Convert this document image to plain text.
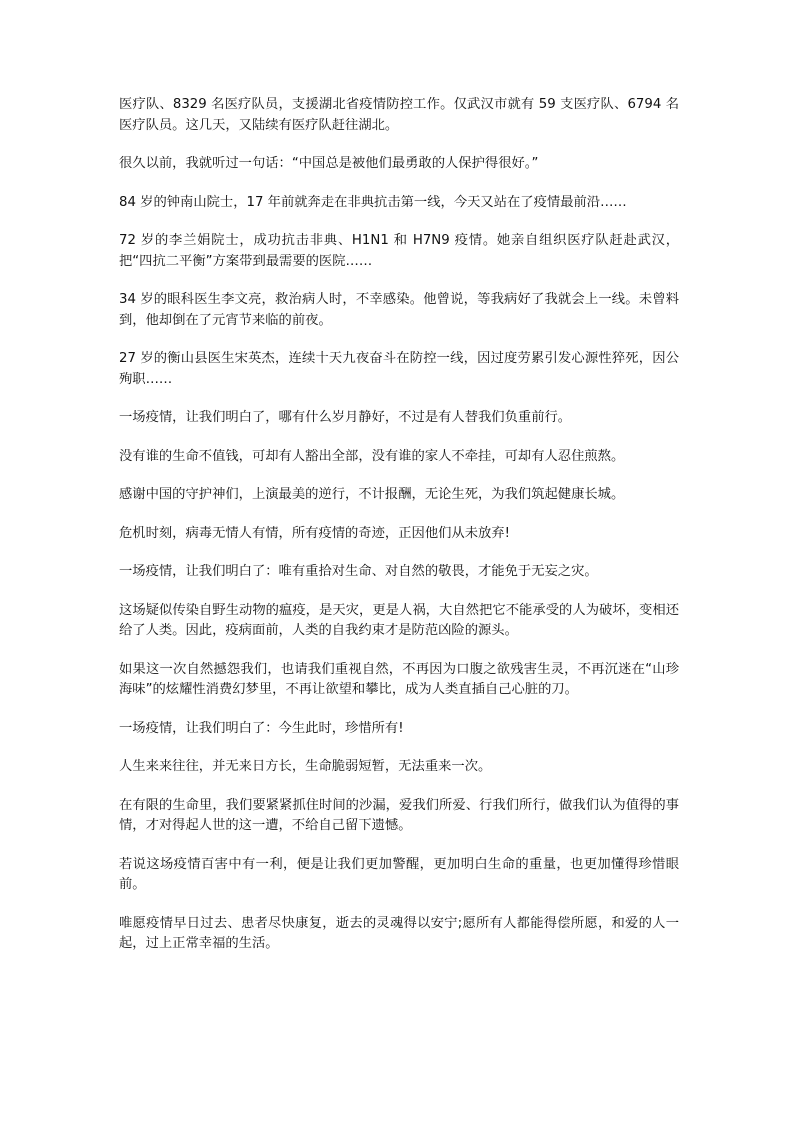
医疗队、8329 名医疗队员，支援湖北省疫情防控工作。仅武汉市就有 59 支医疗队、6794 名医疗队员。这几天，又陆续有医疗队赶往湖北。

很久以前，我就听过一句话：“中国总是被他们最勇敢的人保护得很好。”

84 岁的钟南山院士，17 年前就奔走在非典抗击第一线，今天又站在了疫情最前沿……

72 岁的李兰娟院士，成功抗击非典、H1N1 和 H7N9 疫情。她亲自组织医疗队赶赴武汉，把“四抗二平衡”方案带到最需要的医院……

34 岁的眼科医生李文亮，救治病人时，不幸感染。他曾说，等我病好了我就会上一线。未曾料到，他却倒在了元宵节来临的前夜。

27 岁的衡山县医生宋英杰，连续十天九夜奋斗在防控一线，因过度劳累引发心源性猝死，因公殉职……

一场疫情，让我们明白了，哪有什么岁月静好，不过是有人替我们负重前行。

没有谁的生命不值钱，可却有人豁出全部，没有谁的家人不牵挂，可却有人忍住煎熬。

感谢中国的守护神们，上演最美的逆行，不计报酬，无论生死，为我们筑起健康长城。

危机时刻，病毒无情人有情，所有疫情的奇迹，正因他们从未放弃!

一场疫情，让我们明白了：唯有重拾对生命、对自然的敬畏，才能免于无妄之灾。

这场疑似传染自野生动物的瘟疫，是天灾，更是人祸，大自然把它不能承受的人为破坏，变相还给了人类。因此，疫病面前，人类的自我约束才是防范凶险的源头。

如果这一次自然撼怨我们，也请我们重视自然，不再因为口腹之欲残害生灵，不再沉迷在“山珍海味”的炫耀性消费幻梦里，不再让欲望和攀比，成为人类直插自己心脏的刀。

一场疫情，让我们明白了：今生此时，珍惜所有!

人生来来往往，并无来日方长，生命脆弱短暂，无法重来一次。

在有限的生命里，我们要紧紧抓住时间的沙漏，爱我们所爱、行我们所行，做我们认为值得的事情，才对得起人世的这一遭，不给自己留下遗憾。

若说这场疫情百害中有一利，便是让我们更加警醒，更加明白生命的重量，也更加懂得珍惜眼前。

唯愿疫情早日过去、患者尽快康复，逝去的灵魂得以安宁;愿所有人都能得偿所愿，和爱的人一起，过上正常幸福的生活。
